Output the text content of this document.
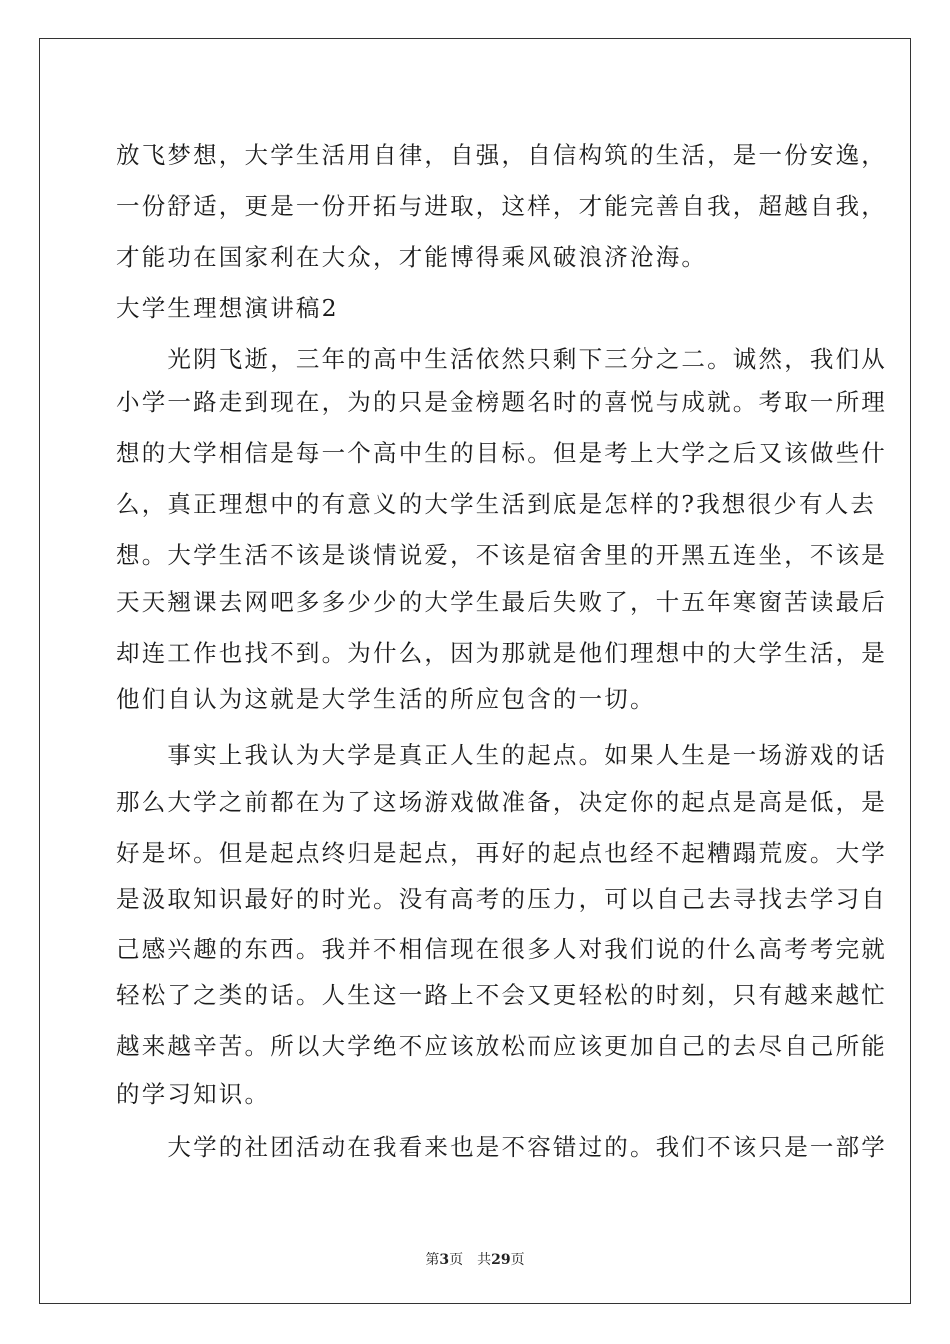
放飞梦想，大学生活用自律，自强，自信构筑的生活，是一份安逸，
一份舒适，更是一份开拓与进取，这样，才能完善自我，超越自我，
才能功在国家利在大众，才能博得乘风破浪济沧海。
大学生理想演讲稿2
　　光阴飞逝，三年的高中生活依然只剩下三分之二。诚然，我们从
小学一路走到现在，为的只是金榜题名时的喜悦与成就。考取一所理
想的大学相信是每一个高中生的目标。但是考上大学之后又该做些什
么，真正理想中的有意义的大学生活到底是怎样的?我想很少有人去
想。大学生活不该是谈情说爱，不该是宿舍里的开黑五连坐，不该是
天天翘课去网吧多多少少的大学生最后失败了，十五年寒窗苦读最后
却连工作也找不到。为什么，因为那就是他们理想中的大学生活，是
他们自认为这就是大学生活的所应包含的一切。
　　事实上我认为大学是真正人生的起点。如果人生是一场游戏的话
那么大学之前都在为了这场游戏做准备，决定你的起点是高是低，是
好是坏。但是起点终归是起点，再好的起点也经不起糟蹋荒废。大学
是汲取知识最好的时光。没有高考的压力，可以自己去寻找去学习自
己感兴趣的东西。我并不相信现在很多人对我们说的什么高考考完就
轻松了之类的话。人生这一路上不会又更轻松的时刻，只有越来越忙
越来越辛苦。所以大学绝不应该放松而应该更加自己的去尽自己所能
的学习知识。
　　大学的社团活动在我看来也是不容错过的。我们不该只是一部学
第3页　共29页
